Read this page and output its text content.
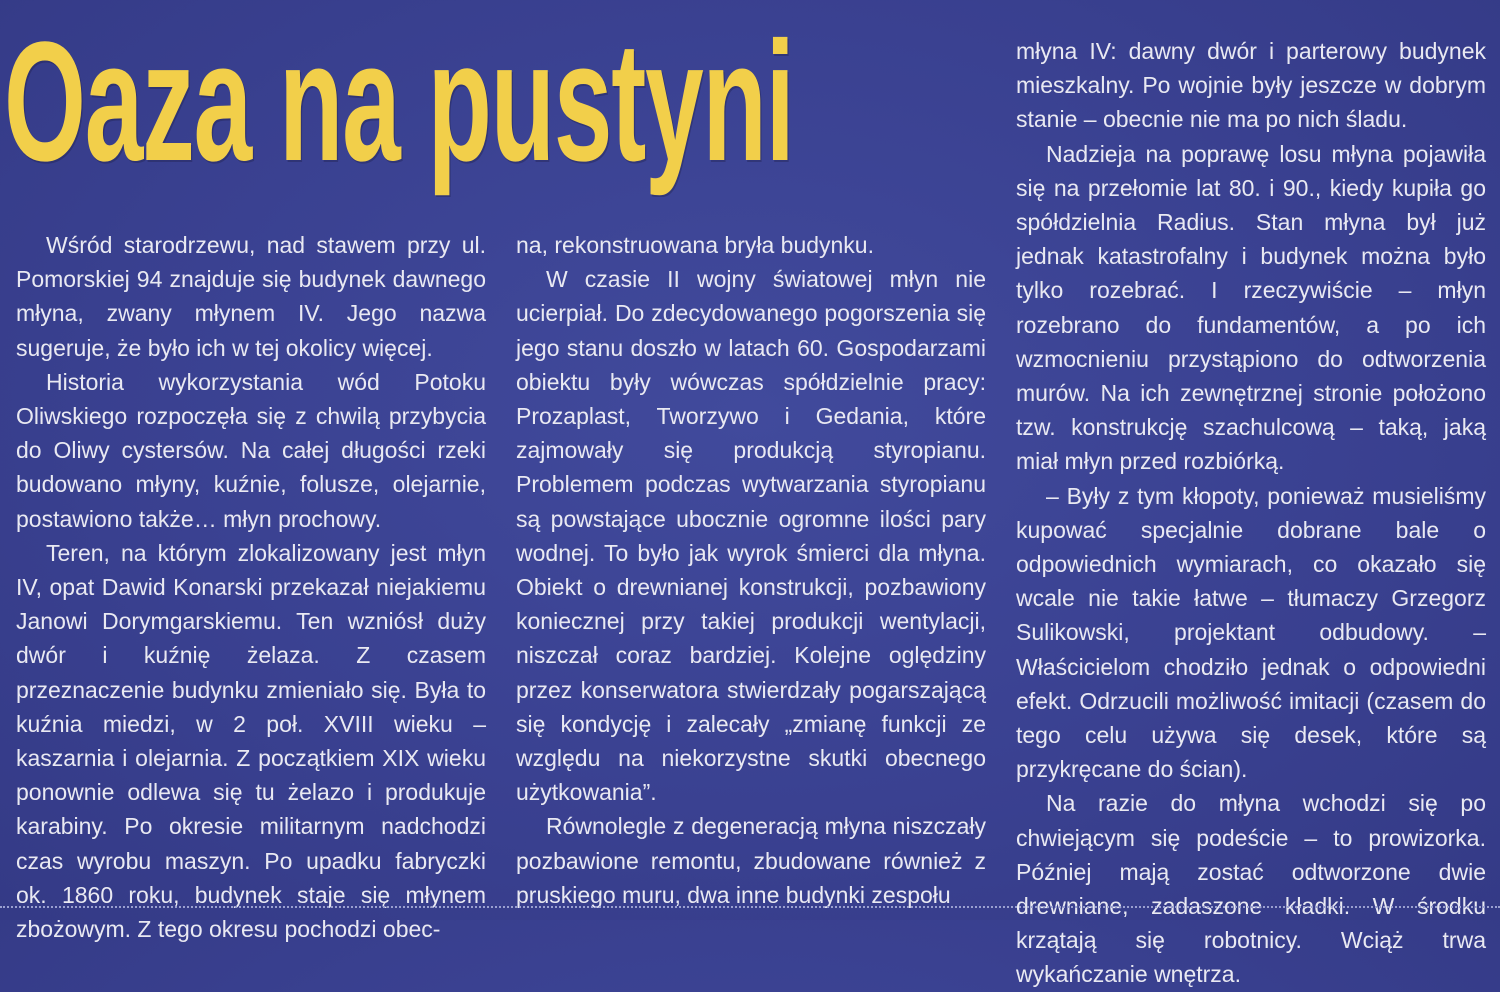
Oaza na pustyni

Wśród starodrzewu, nad stawem przy ul. Pomorskiej 94 znajduje się budynek dawnego młyna, zwany młynem IV. Jego nazwa sugeruje, że było ich w tej okolicy więcej.

Historia wykorzystania wód Potoku Oliwskiego rozpoczęła się z chwilą przybycia do Oliwy cystersów. Na całej długości rzeki budowano młyny, kuźnie, folusze, olejarnie, postawiono także… młyn prochowy.

Teren, na którym zlokalizowany jest młyn IV, opat Dawid Konarski przekazał niejakiemu Janowi Dorymgarskiemu. Ten wzniósł duży dwór i kuźnię żelaza. Z czasem przeznaczenie budynku zmieniało się. Była to kuźnia miedzi, w 2 poł. XVIII wieku – kaszarnia i olejarnia. Z początkiem XIX wieku ponownie odlewa się tu żelazo i produkuje karabiny. Po okresie militarnym nadchodzi czas wyrobu maszyn. Po upadku fabryczki ok. 1860 roku, budynek staje się młynem zbożowym. Z tego okresu pochodzi obec-

na, rekonstruowana bryła budynku.

W czasie II wojny światowej młyn nie ucierpiał. Do zdecydowanego pogorszenia się jego stanu doszło w latach 60. Gospodarzami obiektu były wówczas spółdzielnie pracy: Prozaplast, Tworzywo i Gedania, które zajmowały się produkcją styropianu. Problemem podczas wytwarzania styropianu są powstające ubocznie ogromne ilości pary wodnej. To było jak wyrok śmierci dla młyna. Obiekt o drewnianej konstrukcji, pozbawiony koniecznej przy takiej produkcji wentylacji, niszczał coraz bardziej. Kolejne oględziny przez konserwatora stwierdzały pogarszającą się kondycję i zalecały „zmianę funkcji ze względu na niekorzystne skutki obecnego użytkowania”.

Równolegle z degeneracją młyna niszczały pozbawione remontu, zbudowane również z pruskiego muru, dwa inne budynki zespołu

młyna IV: dawny dwór i parterowy budynek mieszkalny. Po wojnie były jeszcze w dobrym stanie – obecnie nie ma po nich śladu.

Nadzieja na poprawę losu młyna pojawiła się na przełomie lat 80. i 90., kiedy kupiła go spółdzielnia Radius. Stan młyna był już jednak katastrofalny i budynek można było tylko rozebrać. I rzeczywiście – młyn rozebrano do fundamentów, a po ich wzmocnieniu przystąpiono do odtworzenia murów. Na ich zewnętrznej stronie położono tzw. konstrukcję szachulcową – taką, jaką miał młyn przed rozbiórką.

– Były z tym kłopoty, ponieważ musieliśmy kupować specjalnie dobrane bale o odpowiednich wymiarach, co okazało się wcale nie takie łatwe – tłumaczy Grzegorz Sulikowski, projektant odbudowy. – Właścicielom chodziło jednak o odpowiedni efekt. Odrzucili możliwość imitacji (czasem do tego celu używa się desek, które są przykręcane do ścian).

Na razie do młyna wchodzi się po chwiejącym się podeście – to prowizorka. Później mają zostać odtworzone dwie drewniane, zadaszone kładki. W środku krzątają się robotnicy. Wciąż trwa wykańczanie wnętrza.
